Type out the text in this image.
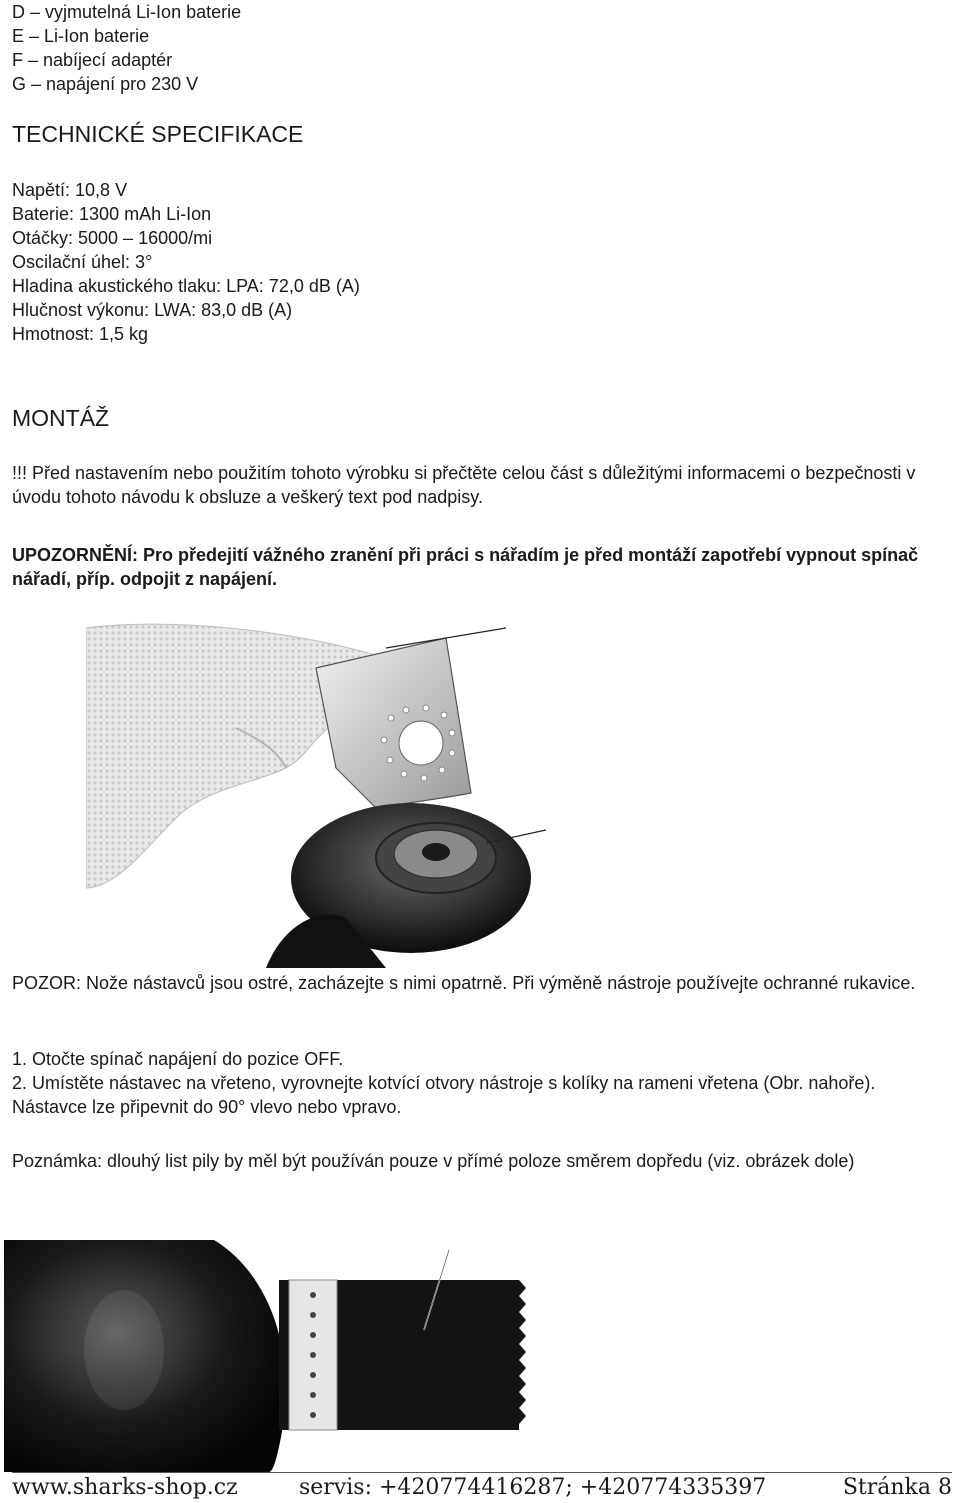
D – vyjmutelná Li-Ion baterie
E – Li-Ion baterie
F – nabíjecí adaptér
G – napájení pro 230 V
TECHNICKÉ SPECIFIKACE
Napětí: 10,8 V
Baterie: 1300 mAh Li-Ion
Otáčky: 5000 – 16000/mi
Oscilační úhel: 3°
Hladina akustického tlaku: LPA: 72,0 dB (A)
Hlučnost výkonu: LWA: 83,0 dB (A)
Hmotnost: 1,5 kg
MONTÁŽ
!!! Před nastavením nebo použitím tohoto výrobku si přečtěte celou část s důležitými informacemi o bezpečnosti v úvodu tohoto návodu k obsluze a veškerý text pod nadpisy.
UPOZORNĚNÍ: Pro předejití vážného zranění při práci s nářadím je před montáží zapotřebí vypnout spínač nářadí, příp. odpojit z napájení.
POZOR: Nože nástavců jsou ostré, zacházejte s nimi opatrně. Při výměně nástroje používejte ochranné rukavice.
1. Otočte spínač napájení do pozice OFF.
2. Umístěte nástavec na vřeteno, vyrovnejte kotvící otvory nástroje s kolíky na rameni vřetena (Obr. nahoře). Nástavce lze připevnit do 90° vlevo nebo vpravo.
Poznámka: dlouhý list pily by měl být používán pouze v přímé poloze směrem dopředu (viz. obrázek dole)
www.sharks-shop.cz	servis: +420774416287; +420774335397	Stránka 8
